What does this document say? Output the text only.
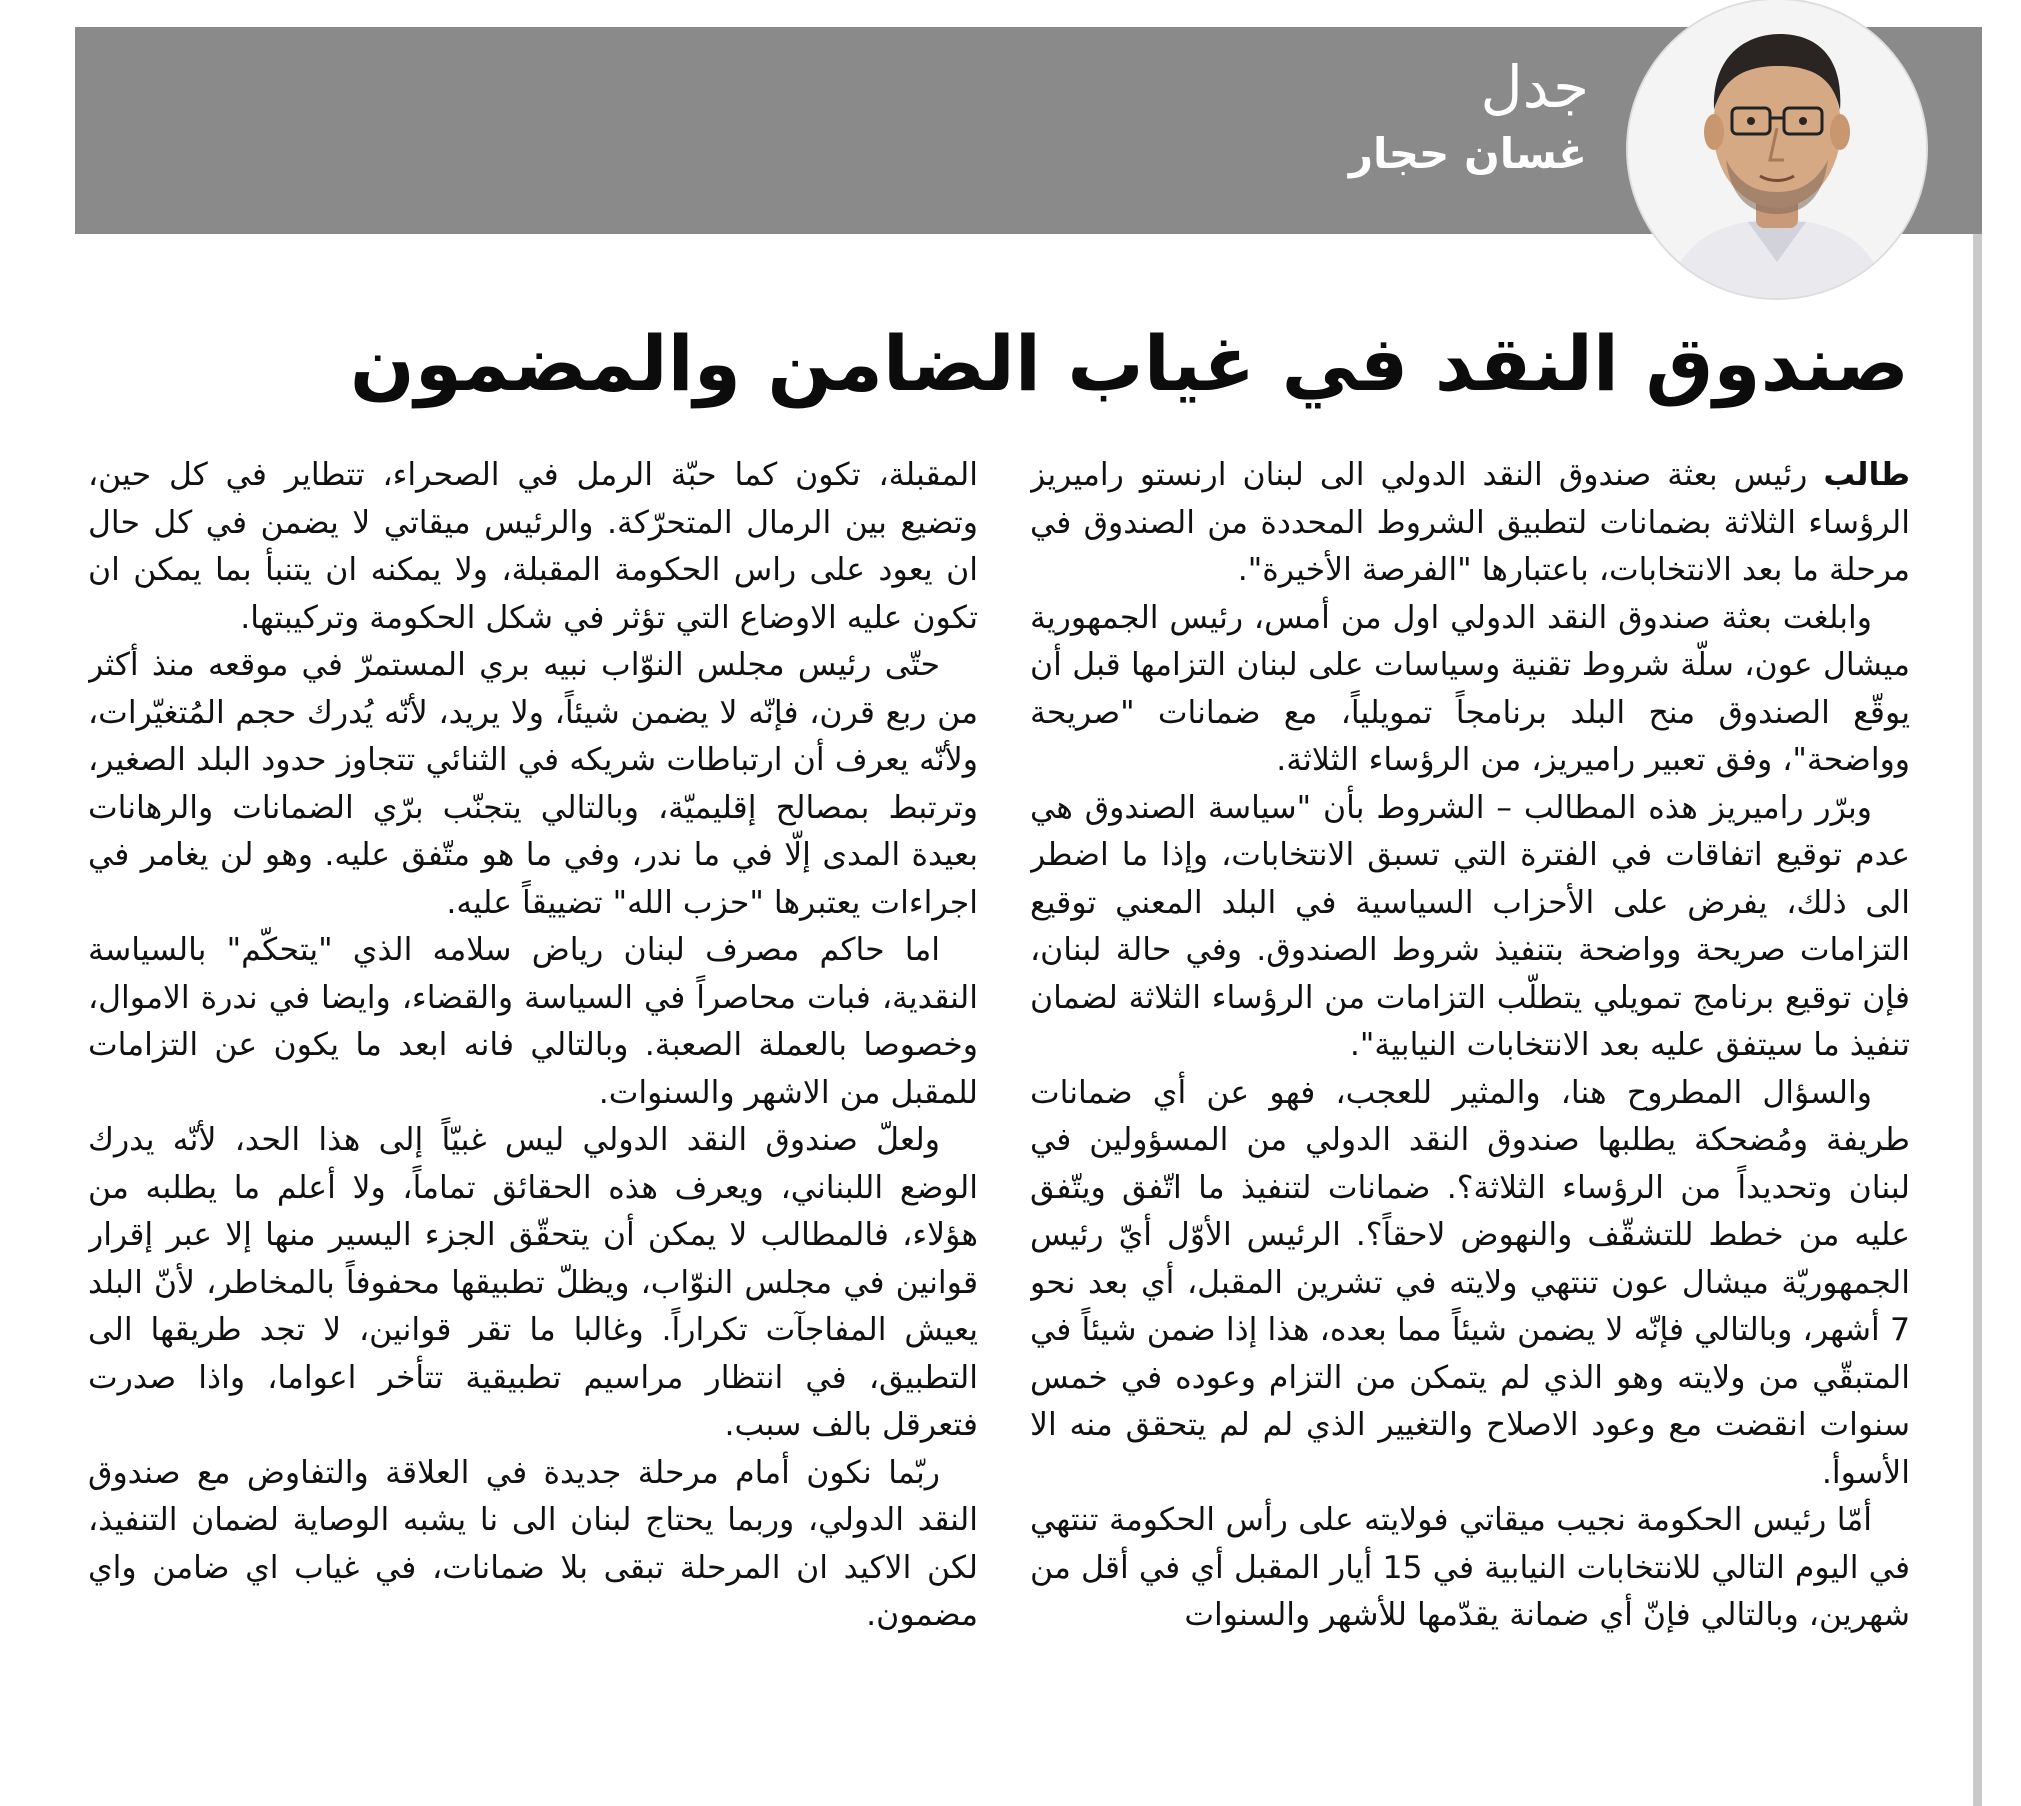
جدل
غسان حجار
صندوق النقد في غياب الضامن والمضمون

طالب رئيس بعثة صندوق النقد الدولي الى لبنان ارنستو راميريز الرؤساء الثلاثة بضمانات لتطبيق الشروط المحددة من الصندوق في مرحلة ما بعد الانتخابات، باعتبارها "الفرصة الأخيرة".

وابلغت بعثة صندوق النقد الدولي اول من أمس، رئيس الجمهورية ميشال عون، سلّة شروط تقنية وسياسات على لبنان التزامها قبل أن يوقّع الصندوق منح البلد برنامجاً تمويلياً، مع ضمانات "صريحة وواضحة"، وفق تعبير راميريز، من الرؤساء الثلاثة.

وبرّر راميريز هذه المطالب – الشروط بأن "سياسة الصندوق هي عدم توقيع اتفاقات في الفترة التي تسبق الانتخابات، وإذا ما اضطر الى ذلك، يفرض على الأحزاب السياسية في البلد المعني توقيع التزامات صريحة وواضحة بتنفيذ شروط الصندوق. وفي حالة لبنان، فإن توقيع برنامج تمويلي يتطلّب التزامات من الرؤساء الثلاثة لضمان تنفيذ ما سيتفق عليه بعد الانتخابات النيابية".

والسؤال المطروح هنا، والمثير للعجب، فهو عن أي ضمانات طريفة ومُضحكة يطلبها صندوق النقد الدولي من المسؤولين في لبنان وتحديداً من الرؤساء الثلاثة؟. ضمانات لتنفيذ ما اتّفق ويتّفق عليه من خطط للتشقّف والنهوض لاحقاً؟. الرئيس الأوّل أيّ رئيس الجمهوريّة ميشال عون تنتهي ولايته في تشرين المقبل، أي بعد نحو 7 أشهر، وبالتالي فإنّه لا يضمن شيئاً مما بعده، هذا إذا ضمن شيئاً في المتبقّي من ولايته وهو الذي لم يتمكن من التزام وعوده في خمس سنوات انقضت مع وعود الاصلاح والتغيير الذي لم لم يتحقق منه الا الأسوأ.

أمّا رئيس الحكومة نجيب ميقاتي فولايته على رأس الحكومة تنتهي في اليوم التالي للانتخابات النيابية في 15 أيار المقبل أي في أقل من شهرين، وبالتالي فإنّ أي ضمانة يقدّمها للأشهر والسنوات

المقبلة، تكون كما حبّة الرمل في الصحراء، تتطاير في كل حين، وتضيع بين الرمال المتحرّكة. والرئيس ميقاتي لا يضمن في كل حال ان يعود على راس الحكومة المقبلة، ولا يمكنه ان يتنبأ بما يمكن ان تكون عليه الاوضاع التي تؤثر في شكل الحكومة وتركيبتها.

حتّى رئيس مجلس النوّاب نبيه بري المستمرّ في موقعه منذ أكثر من ربع قرن، فإنّه لا يضمن شيئاً، ولا يريد، لأنّه يُدرك حجم المُتغيّرات، ولأنّه يعرف أن ارتباطات شريكه في الثنائي تتجاوز حدود البلد الصغير، وترتبط بمصالح إقليميّة، وبالتالي يتجنّب برّي الضمانات والرهانات بعيدة المدى إلّا في ما ندر، وفي ما هو متّفق عليه. وهو لن يغامر في اجراءات يعتبرها "حزب الله" تضييقاً عليه.

اما حاكم مصرف لبنان رياض سلامه الذي "يتحكّم" بالسياسة النقدية، فبات محاصراً في السياسة والقضاء، وايضا في ندرة الاموال، وخصوصا بالعملة الصعبة. وبالتالي فانه ابعد ما يكون عن التزامات للمقبل من الاشهر والسنوات.

ولعلّ صندوق النقد الدولي ليس غبيّاً إلى هذا الحد، لأنّه يدرك الوضع اللبناني، ويعرف هذه الحقائق تماماً، ولا أعلم ما يطلبه من هؤلاء، فالمطالب لا يمكن أن يتحقّق الجزء اليسير منها إلا عبر إقرار قوانين في مجلس النوّاب، ويظلّ تطبيقها محفوفاً بالمخاطر، لأنّ البلد يعيش المفاجآت تكراراً. وغالبا ما تقر قوانين، لا تجد طريقها الى التطبيق، في انتظار مراسيم تطبيقية تتأخر اعواما، واذا صدرت فتعرقل بالف سبب.

ربّما نكون أمام مرحلة جديدة في العلاقة والتفاوض مع صندوق النقد الدولي، وربما يحتاج لبنان الى نا يشبه الوصاية لضمان التنفيذ، لكن الاكيد ان المرحلة تبقى بلا ضمانات، في غياب اي ضامن واي مضمون.
